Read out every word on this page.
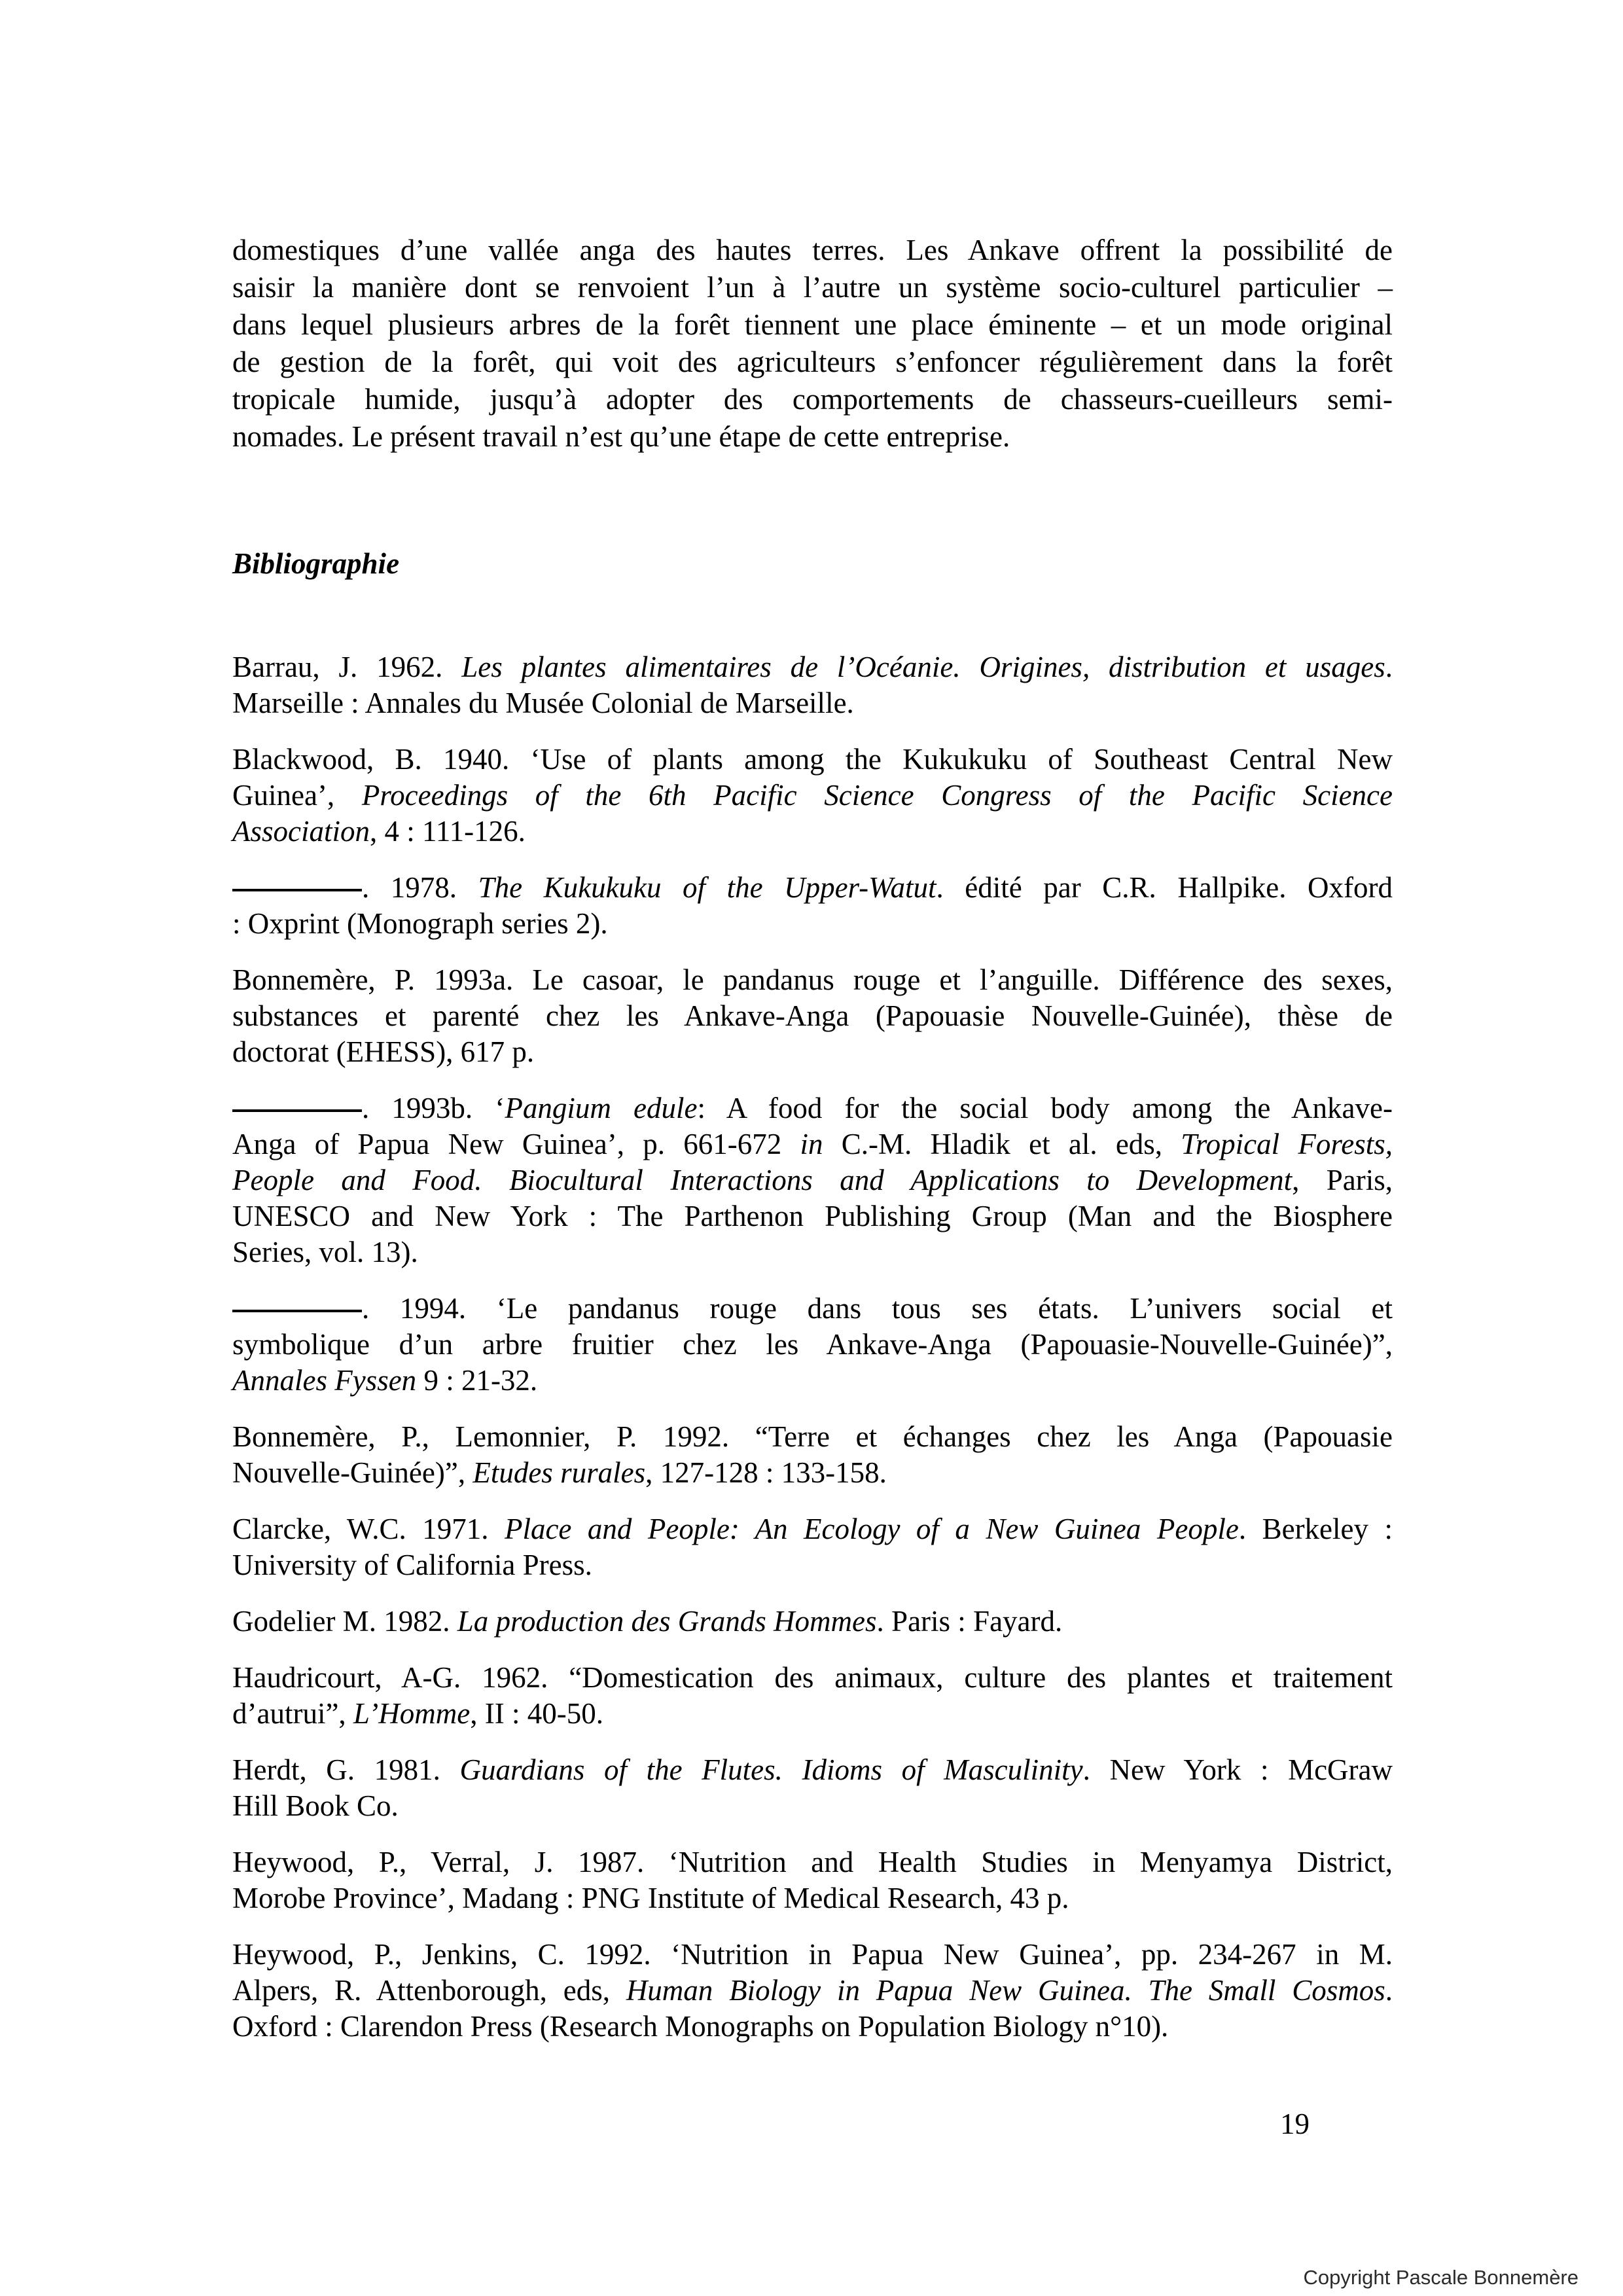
domestiques d’une vallée anga des hautes terres. Les Ankave offrent la possibilité de
saisir la manière dont se renvoient l’un à l’autre un système socio-culturel particulier –
dans lequel plusieurs arbres de la forêt tiennent une place éminente – et un mode original
de gestion de la forêt, qui voit des agriculteurs s’enfoncer régulièrement dans la forêt
tropicale humide, jusqu’à adopter des comportements de chasseurs-cueilleurs semi-
nomades. Le présent travail n’est qu’une étape de cette entreprise.
Bibliographie
Barrau, J. 1962. Les plantes alimentaires de l’Océanie. Origines, distribution et usages.
Marseille : Annales du Musée Colonial de Marseille.
Blackwood, B. 1940. ‘Use of plants among the Kukukuku of Southeast Central New
Guinea’, Proceedings of the 6th Pacific Science Congress of the Pacific Science
Association, 4 : 111-126.
. 1978. The Kukukuku of the Upper-Watut. édité par C.R. Hallpike. Oxford
: Oxprint (Monograph series 2).
Bonnemère, P. 1993a. Le casoar, le pandanus rouge et l’anguille. Différence des sexes,
substances et parenté chez les Ankave-Anga (Papouasie Nouvelle-Guinée), thèse de
doctorat (EHESS), 617 p.
. 1993b. ‘Pangium edule: A food for the social body among the Ankave-
Anga of Papua New Guinea’, p. 661-672 in C.-M. Hladik et al. eds, Tropical Forests,
People and Food. Biocultural Interactions and Applications to Development, Paris,
UNESCO and New York : The Parthenon Publishing Group (Man and the Biosphere
Series, vol. 13).
. 1994. ‘Le pandanus rouge dans tous ses états. L’univers social et
symbolique d’un arbre fruitier chez les Ankave-Anga (Papouasie-Nouvelle-Guinée)”,
Annales Fyssen 9 : 21-32.
Bonnemère, P., Lemonnier, P. 1992. “Terre et échanges chez les Anga (Papouasie
Nouvelle-Guinée)”, Etudes rurales, 127-128 : 133-158.
Clarcke, W.C. 1971. Place and People: An Ecology of a New Guinea People. Berkeley :
University of California Press.
Godelier M. 1982. La production des Grands Hommes. Paris : Fayard.
Haudricourt, A-G. 1962. “Domestication des animaux, culture des plantes et traitement
d’autrui”, L’Homme, II : 40-50.
Herdt, G. 1981. Guardians of the Flutes. Idioms of Masculinity. New York : McGraw
Hill Book Co.
Heywood, P., Verral, J. 1987. ‘Nutrition and Health Studies in Menyamya District,
Morobe Province’, Madang : PNG Institute of Medical Research, 43 p.
Heywood, P., Jenkins, C. 1992. ‘Nutrition in Papua New Guinea’, pp. 234-267 in M.
Alpers, R. Attenborough, eds, Human Biology in Papua New Guinea. The Small Cosmos.
Oxford : Clarendon Press (Research Monographs on Population Biology n°10).
19
Copyright Pascale Bonnemère
